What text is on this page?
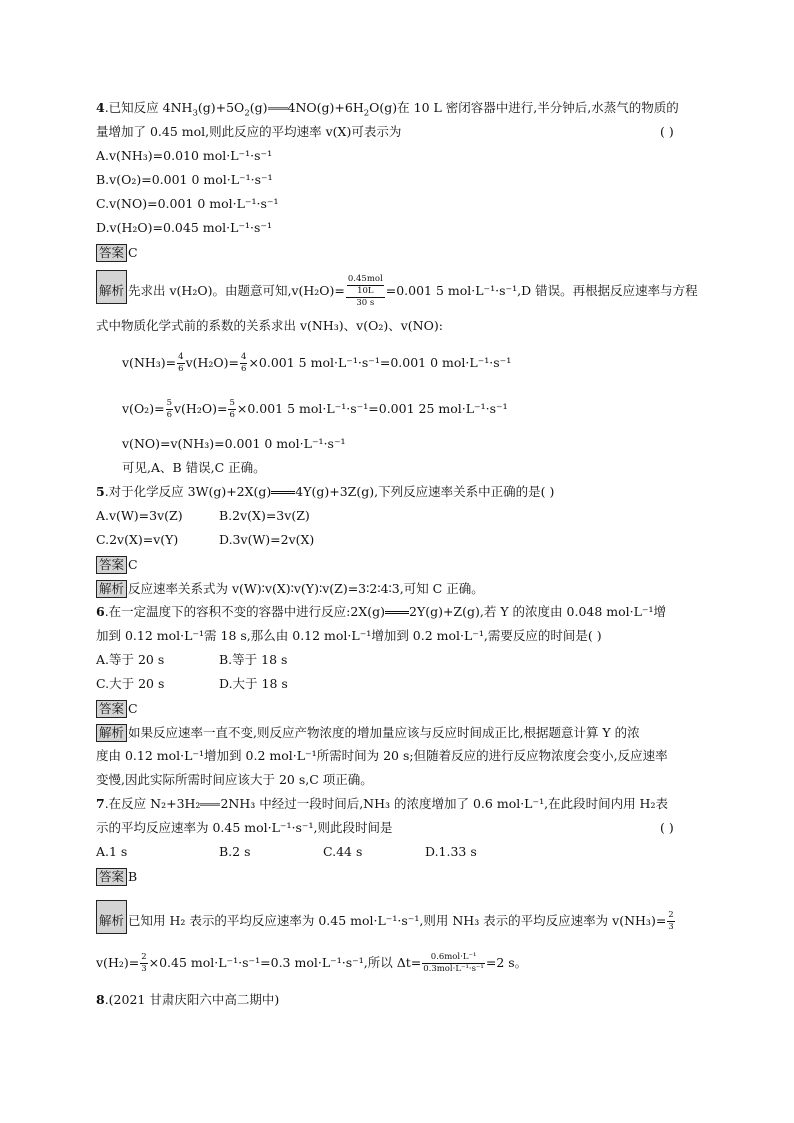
4.已知反应 $4NH_3(g)+5O_2(g)$ $4NO(g)+6H_2O(g)$在 10 L 密闭容器中进行,半分钟后,水蒸气的物质的
量增加了 0.45 mol,则此反应的平均速率 v(X)可表示为	( )
A.v(NH₃)=0.010 mol·L⁻¹·s⁻¹
B.v(O₂)=0.001 0 mol·L⁻¹·s⁻¹
C.v(NO)=0.001 0 mol·L⁻¹·s⁻¹
D.v(H₂O)=0.045 mol·L⁻¹·s⁻¹
答案 C
解析 先求出 v(H₂O)。由题意可知$,v(H_2O)= \frac{\frac{\text{0.45mol}}{10L}}{30 s} =0.001$ 5 mol·L⁻¹·s⁻¹,D 错误。再根据反应速率与方程
式中物质化学式前的系数的关系求出 v(NH₃)、v(O₂)、v(NO):
$v(NH_3)= \frac{4}{6} v(H_2O)= \frac{4}{6} \times 0.001$ 5 mol·L⁻¹·s⁻¹=0.001 0 mol·L⁻¹·s⁻¹
$v(O_2)= \frac{5}{6} v(H_2O)= \frac{5}{6} \times 0.001$ 5 mol·L⁻¹·s⁻¹=0.001 25 mol·L⁻¹·s⁻¹
v(NO)=v(NH₃)=0.001 0 mol·L⁻¹·s⁻¹
可见,A、B 错误,C 正确。
5.对于化学反应 3W(g)+2X(g) 4Y(g)+3Z(g),下列反应速率关系中正确的是( )
A.v(W)=3v(Z)	B.2v(X)=3v(Z)
C.2v(X)=v(Y)	D.3v(W)=2v(X)
答案 C
解析 反应速率关系式为 v(W)∶v(X)∶v(Y)∶v(Z)=3∶2∶4∶3,可知 C 正确。
6.在一定温度下的容积不变的容器中进行反应:2X(g) 2Y(g)+Z(g),若 Y 的浓度由 0.048 mol·L⁻¹增
加到 0.12 mol·L⁻¹需 18 s,那么由 0.12 mol·L⁻¹增加到 0.2 mol·L⁻¹,需要反应的时间是( )
A.等于 20 s	B.等于 18 s
C.大于 20 s	D.大于 18 s
答案 C
解析 如果反应速率一直不变,则反应产物浓度的增加量应该与反应时间成正比,根据题意计算 Y 的浓
度由 0.12 mol·L⁻¹增加到 0.2 mol·L⁻¹所需时间为 20 s;但随着反应的进行反应物浓度会变小,反应速率
变慢,因此实际所需时间应该大于 20 s,C 项正确。
7.在反应 N₂+3H₂ 2NH₃ 中经过一段时间后,NH₃ 的浓度增加了 0.6 mol·L⁻¹,在此段时间内用 H₂表
示的平均反应速率为 0.45 mol·L⁻¹·s⁻¹,则此段时间是	( )
A.1 s	B.2 s	C.44 s	D.1.33 s
答案 B
解析 已知用 H₂ 表示的平均反应速率为 0.45 mol·L⁻¹·s⁻¹,则用 NH₃ 表示的平均反应速率为 $v(NH_3)= \frac{2}{3}$
$v(H_2)= \frac{2}{3} \times 0.45$ mol·L⁻¹·s⁻¹=0.3 mol·L⁻¹·s⁻¹,所以 $\Delta t= \frac{\text{0.6mol·L⁻¹}}{\text{0.3mol·L⁻¹·s⁻¹}} =2$ s。
8.(2021 甘肃庆阳六中高二期中)
